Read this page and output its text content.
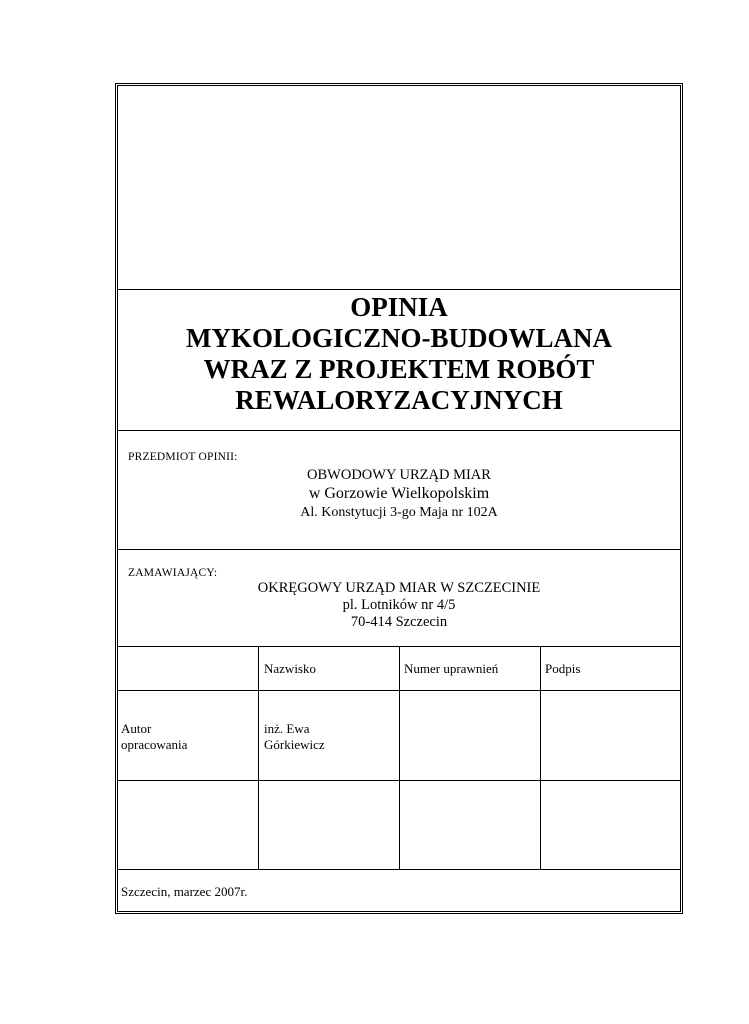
OPINIA
MYKOLOGICZNO-BUDOWLANA
WRAZ Z PROJEKTEM ROBÓT
REWALORYZACYJNYCH
PRZEDMIOT OPINII:
OBWODOWY URZĄD MIAR
w Gorzowie Wielkopolskim
Al. Konstytucji 3-go Maja nr 102A
ZAMAWIAJĄCY:
OKRĘGOWY URZĄD MIAR W SZCZECINIE
pl. Lotników nr 4/5
70-414 Szczecin
Nazwisko	Numer uprawnień	Podpis
Autor
opracowania
inż. Ewa
Górkiewicz
Szczecin, marzec 2007r.
